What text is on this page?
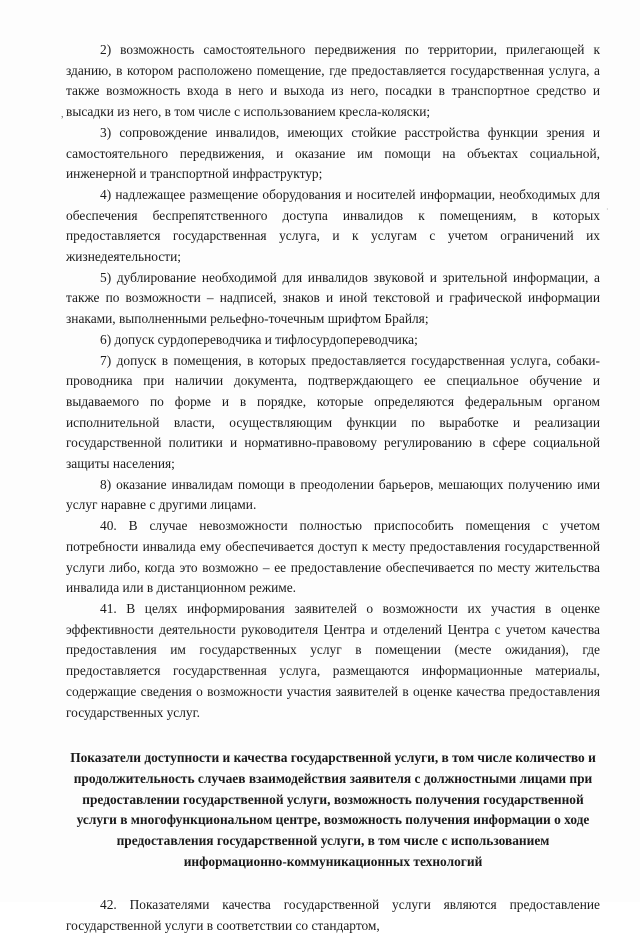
,
·

2) возможность самостоятельного передвижения по территории, прилегающей к зданию, в котором расположено помещение, где предоставляется государственная услуга, а также возможность входа в него и выхода из него, посадки в транспортное средство и высадки из него, в том числе с использованием кресла-коляски;

3) сопровождение инвалидов, имеющих стойкие расстройства функции зрения и самостоятельного передвижения, и оказание им помощи на объектах социальной, инженерной и транспортной инфраструктур;

4) надлежащее размещение оборудования и носителей информации, необходимых для обеспечения беспрепятственного доступа инвалидов к помещениям, в которых предоставляется государственная услуга, и к услугам с учетом ограничений их жизнедеятельности;

5) дублирование необходимой для инвалидов звуковой и зрительной информации, а также по возможности – надписей, знаков и иной текстовой и графической информации знаками, выполненными рельефно-точечным шрифтом Брайля;

6) допуск сурдопереводчика и тифлосурдопереводчика;

7) допуск в помещения, в которых предоставляется государственная услуга, собаки-проводника при наличии документа, подтверждающего ее специальное обучение и выдаваемого по форме и в порядке, которые определяются федеральным органом исполнительной власти, осуществляющим функции по выработке и реализации государственной политики и нормативно-правовому регулированию в сфере социальной защиты населения;

8) оказание инвалидам помощи в преодолении барьеров, мешающих получению ими услуг наравне с другими лицами.

40. В случае невозможности полностью приспособить помещения с учетом потребности инвалида ему обеспечивается доступ к месту предоставления государственной услуги либо, когда это возможно – ее предоставление обеспечивается по месту жительства инвалида или в дистанционном режиме.

41. В целях информирования заявителей о возможности их участия в оценке эффективности деятельности руководителя Центра и отделений Центра с учетом качества предоставления им государственных услуг в помещении (месте ожидания), где предоставляется государственная услуга, размещаются информационные материалы, содержащие сведения о возможности участия заявителей в оценке качества предоставления государственных услуг.

Показатели доступности и качества государственной услуги, в том числе количество и продолжительность случаев взаимодействия заявителя с должностными лицами при предоставлении государственной услуги, возможность получения государственной услуги в многофункциональном центре, возможность получения информации о ходе предоставления государственной услуги, в том числе с использованием информационно-коммуникационных технологий

42. Показателями качества государственной услуги являются предоставление государственной услуги в соответствии со стандартом,
